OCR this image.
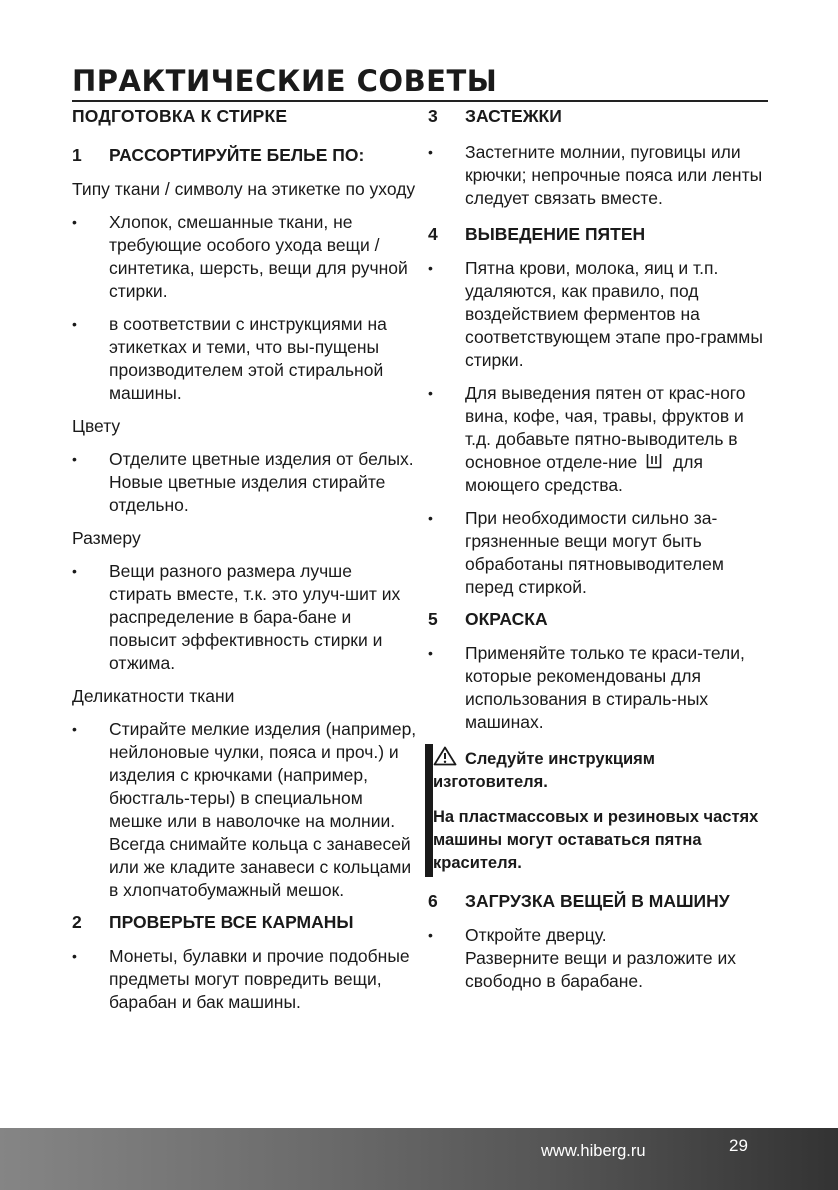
ПРАКТИЧЕСКИЕ СОВЕТЫ
ПОДГОТОВКА К СТИРКЕ
1	РАССОРТИРУЙТЕ БЕЛЬЕ ПО:
Типу ткани / символу на этикетке по уходу
•	Хлопок, смешанные ткани, не требующие особого ухода вещи / синтетика, шерсть, вещи для ручной стирки.
•	в соответствии с инструкциями на этикетках и теми, что вы-пущены производителем этой стиральной машины.
Цвету
•	Отделите цветные изделия от белых. Новые цветные изделия стирайте отдельно.
Размеру
•	Вещи разного размера лучше стирать вместе, т.к. это улуч-шит их распределение в бара-бане и повысит эффективность стирки и отжима.
Деликатности ткани
•	Стирайте мелкие изделия (например, нейлоновые чулки, пояса и проч.) и изделия с крючками (например, бюстгаль-теры) в специальном мешке или в наволочке на молнии. Всегда снимайте кольца с занавесей или же кладите занавеси с кольцами в хлопчатобумажный мешок.
2	ПРОВЕРЬТЕ ВСЕ КАРМАНЫ
•	Монеты, булавки и прочие подобные предметы могут повредить вещи, барабан и бак машины.
3	ЗАСТЕЖКИ
•	Застегните молнии, пуговицы или крючки; непрочные пояса или ленты следует связать вместе.
4	ВЫВЕДЕНИЕ ПЯТЕН
•	Пятна крови, молока, яиц и т.п. удаляются, как правило, под воздействием ферментов на соответствующем этапе про-граммы стирки.
•	Для выведения пятен от крас-ного вина, кофе, чая, травы, фруктов и т.д. добавьте пятно-выводитель в основное отделе-ние для моющего средства.
•	При необходимости сильно за-грязненные вещи могут быть обработаны пятновыводителем перед стиркой.
5	ОКРАСКА
•	Применяйте только те краси-тели, которые рекомендованы для использования в стираль-ных машинах.
Следуйте инструкциям изготовителя.
На пластмассовых и резиновых частях машины могут оставаться пятна красителя.
6	ЗАГРУЗКА ВЕЩЕЙ В МАШИНУ
•	Откройте дверцу.
Разверните вещи и разложите их свободно в барабане.
www.hiberg.ru	29
